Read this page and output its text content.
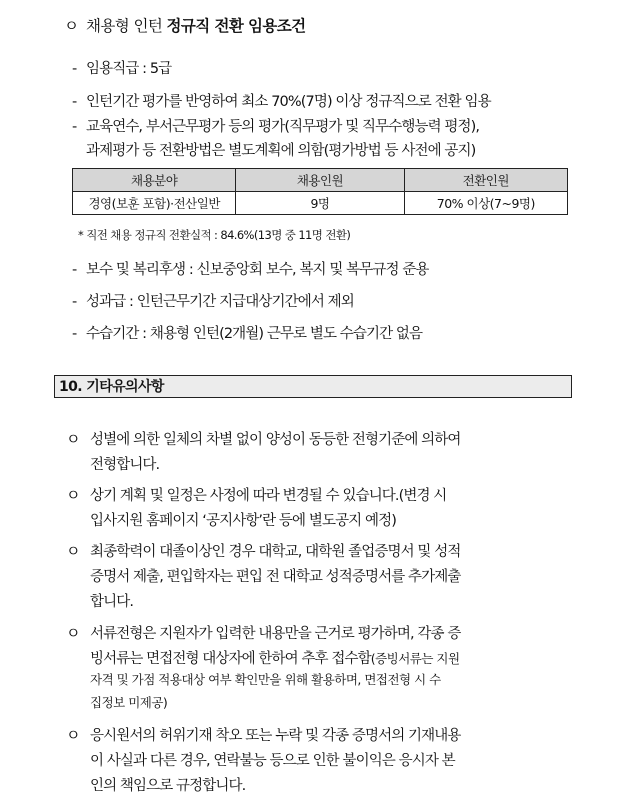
ㅇ 채용형 인턴 정규직 전환 임용조건
- 임용직급 : 5급
- 인턴기간 평가를 반영하여 최소 70%(7명) 이상 정규직으로 전환 임용
- 교육연수, 부서근무평가 등의 평가(직무평가 및 직무수행능력 평정),
과제평가 등 전환방법은 별도계획에 의함(평가방법 등 사전에 공지)
채용분야	채용인원	전환인원
경영(보훈 포함)·전산일반	9명	70% 이상(7~9명)
* 직전 채용 정규직 전환실적 : 84.6%(13명 중 11명 전환)
- 보수 및 복리후생 : 신보중앙회 보수, 복지 및 복무규정 준용
- 성과급 : 인턴근무기간 지급대상기간에서 제외
- 수습기간 : 채용형 인턴(2개월) 근무로 별도 수습기간 없음
10. 기타유의사항
ㅇ 성별에 의한 일체의 차별 없이 양성이 동등한 전형기준에 의하여
전형합니다.
ㅇ 상기 계획 및 일정은 사정에 따라 변경될 수 있습니다.(변경 시
입사지원 홈페이지 ‘공지사항’란 등에 별도공지 예정)
ㅇ 최종학력이 대졸이상인 경우 대학교, 대학원 졸업증명서 및 성적
증명서 제출, 편입학자는 편입 전 대학교 성적증명서를 추가제출
합니다.
ㅇ 서류전형은 지원자가 입력한 내용만을 근거로 평가하며, 각종 증
빙서류는 면접전형 대상자에 한하여 추후 접수함(증빙서류는 지원
자격 및 가점 적용대상 여부 확인만을 위해 활용하며, 면접전형 시 수
집정보 미제공)
ㅇ 응시원서의 허위기재 착오 또는 누락 및 각종 증명서의 기재내용
이 사실과 다른 경우, 연락불능 등으로 인한 불이익은 응시자 본
인의 책임으로 규정합니다.
